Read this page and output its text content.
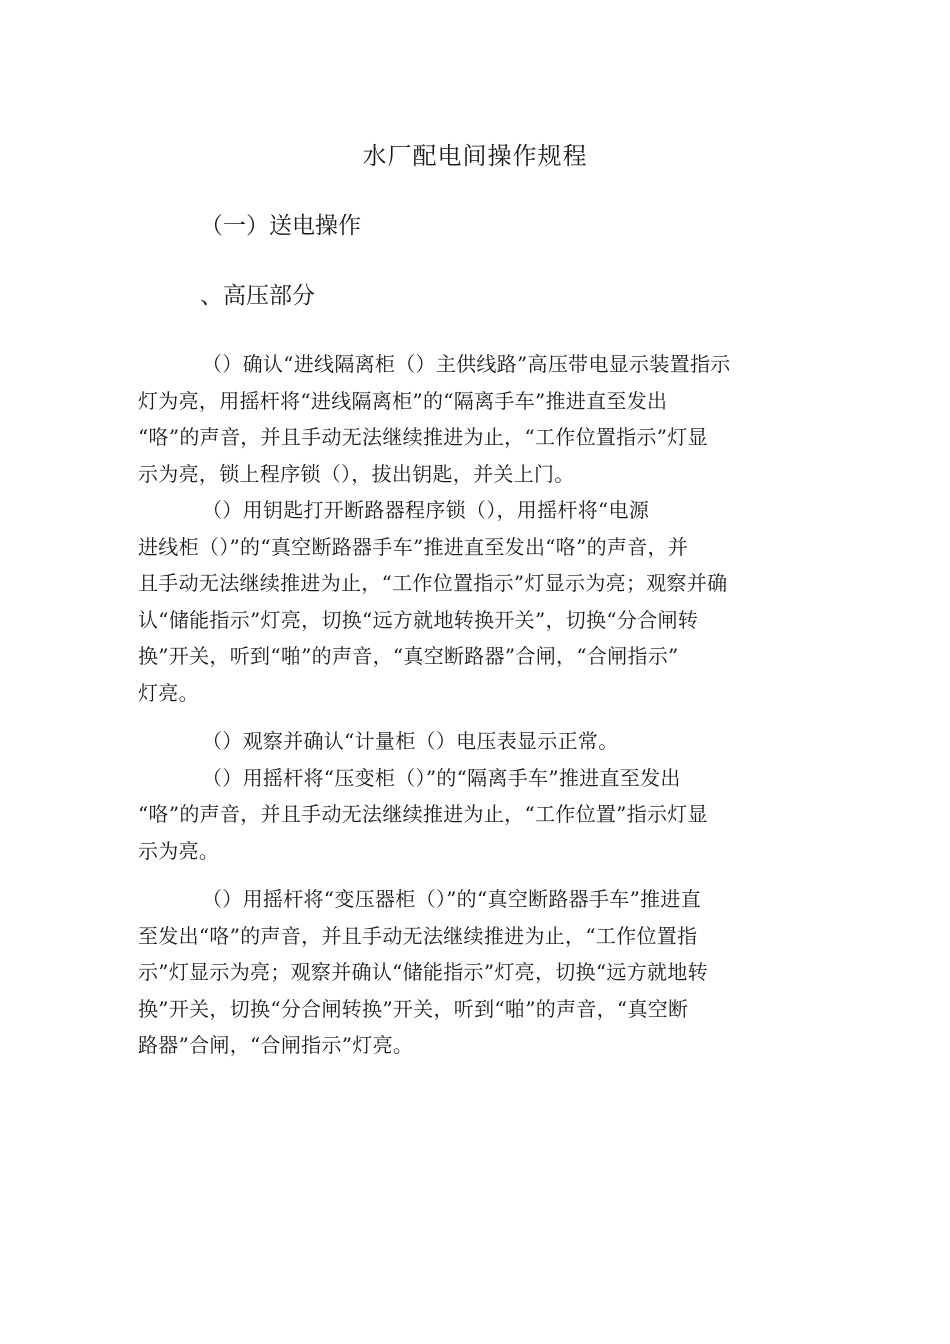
水厂配电间操作规程
（一）送电操作
、高压部分

（）确认“进线隔离柜（）主供线路”高压带电显示装置指示

灯为亮，用摇杆将“进线隔离柜”的“隔离手车”推进直至发出

“咯”的声音，并且手动无法继续推进为止，“工作位置指示”灯显

示为亮，锁上程序锁（），拔出钥匙，并关上门。

（）用钥匙打开断路器程序锁（），用摇杆将“电源

进线柜（）”的“真空断路器手车”推进直至发出“咯”的声音，并

且手动无法继续推进为止，“工作位置指示”灯显示为亮；观察并确

认“储能指示”灯亮，切换“远方就地转换开关”，切换“分合闸转

换”开关，听到“啪”的声音，“真空断路器”合闸，“合闸指示”

灯亮。

（）观察并确认“计量柜（）电压表显示正常。

（）用摇杆将“压变柜（）”的“隔离手车”推进直至发出

“咯”的声音，并且手动无法继续推进为止，“工作位置”指示灯显

示为亮。

（）用摇杆将“变压器柜（）”的“真空断路器手车”推进直

至发出“咯”的声音，并且手动无法继续推进为止，“工作位置指

示”灯显示为亮；观察并确认“储能指示”灯亮，切换“远方就地转

换”开关，切换“分合闸转换”开关，听到“啪”的声音，“真空断

路器”合闸，“合闸指示”灯亮。
